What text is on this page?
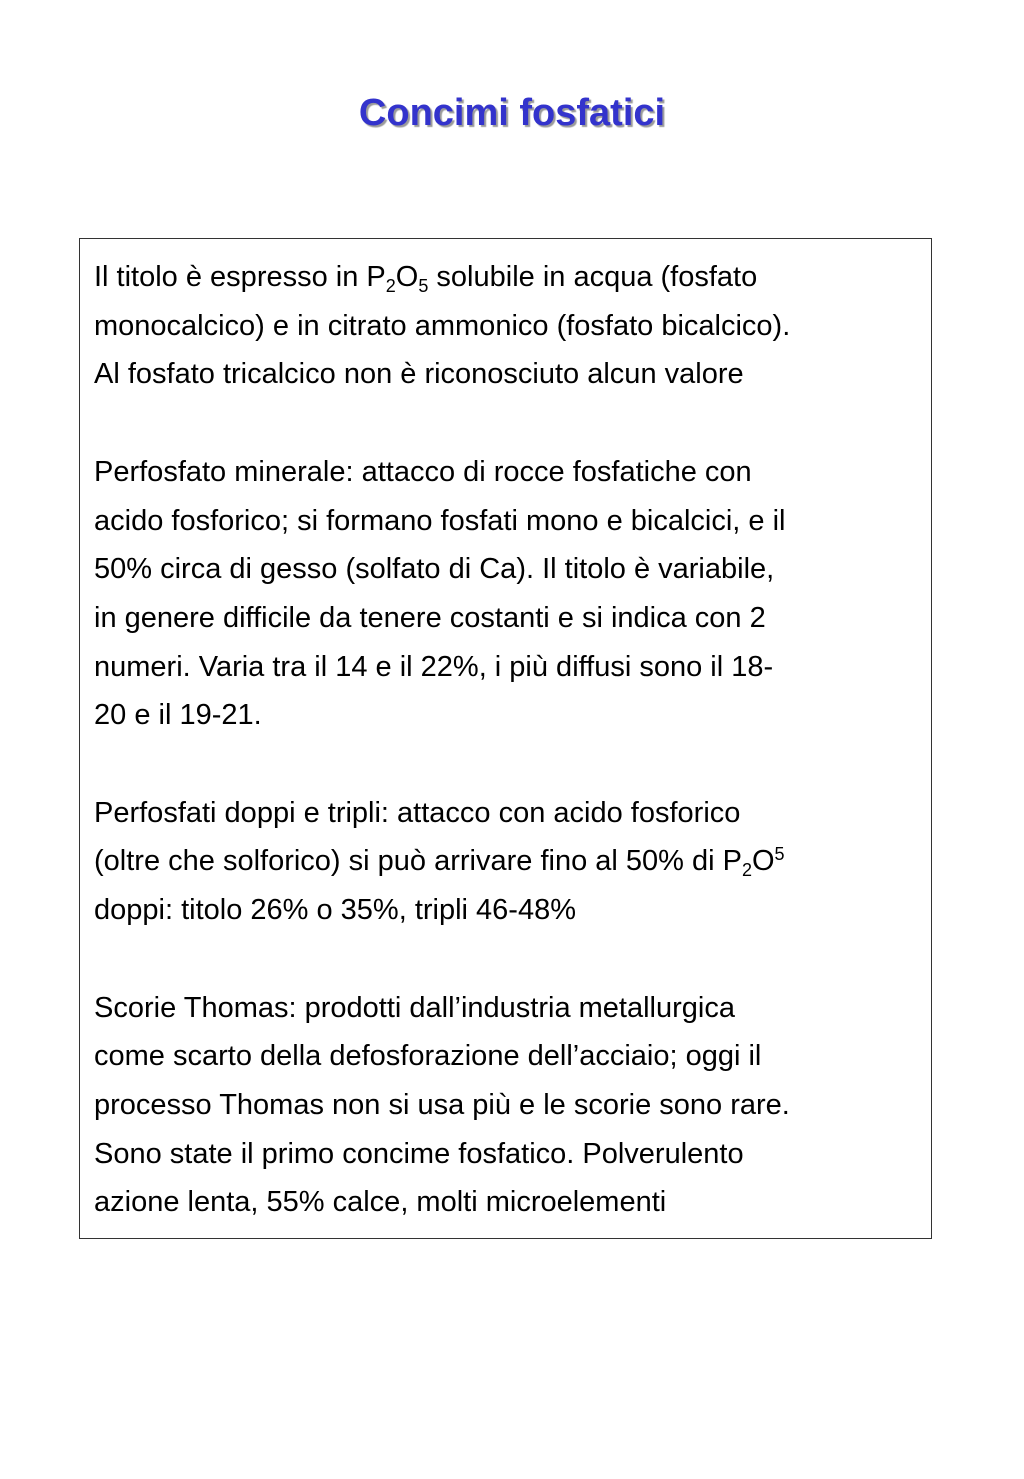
Concimi fosfatici

Il titolo è espresso in $P_2O_5$ solubile in acqua (fosfato
monocalcico) e in citrato ammonico (fosfato bicalcico).
Al fosfato tricalcico non è riconosciuto alcun valore

Perfosfato minerale: attacco di rocce fosfatiche con
acido fosforico; si formano fosfati mono e bicalcici, e il
50% circa di gesso (solfato di Ca). Il titolo è variabile,
in genere difficile da tenere costanti e si indica con 2
numeri. Varia tra il 14 e il 22%, i più diffusi sono il 18-
20 e il 19-21.

Perfosfati doppi e tripli: attacco con acido fosforico
(oltre che solforico) si può arrivare fino al 50% di $P_2O^5$
doppi: titolo 26% o 35%, tripli 46-48%

Scorie Thomas: prodotti dall’industria metallurgica
come scarto della defosforazione dell’acciaio; oggi il
processo Thomas non si usa più e le scorie sono rare.
Sono state il primo concime fosfatico. Polverulento
azione lenta, 55% calce, molti microelementi
